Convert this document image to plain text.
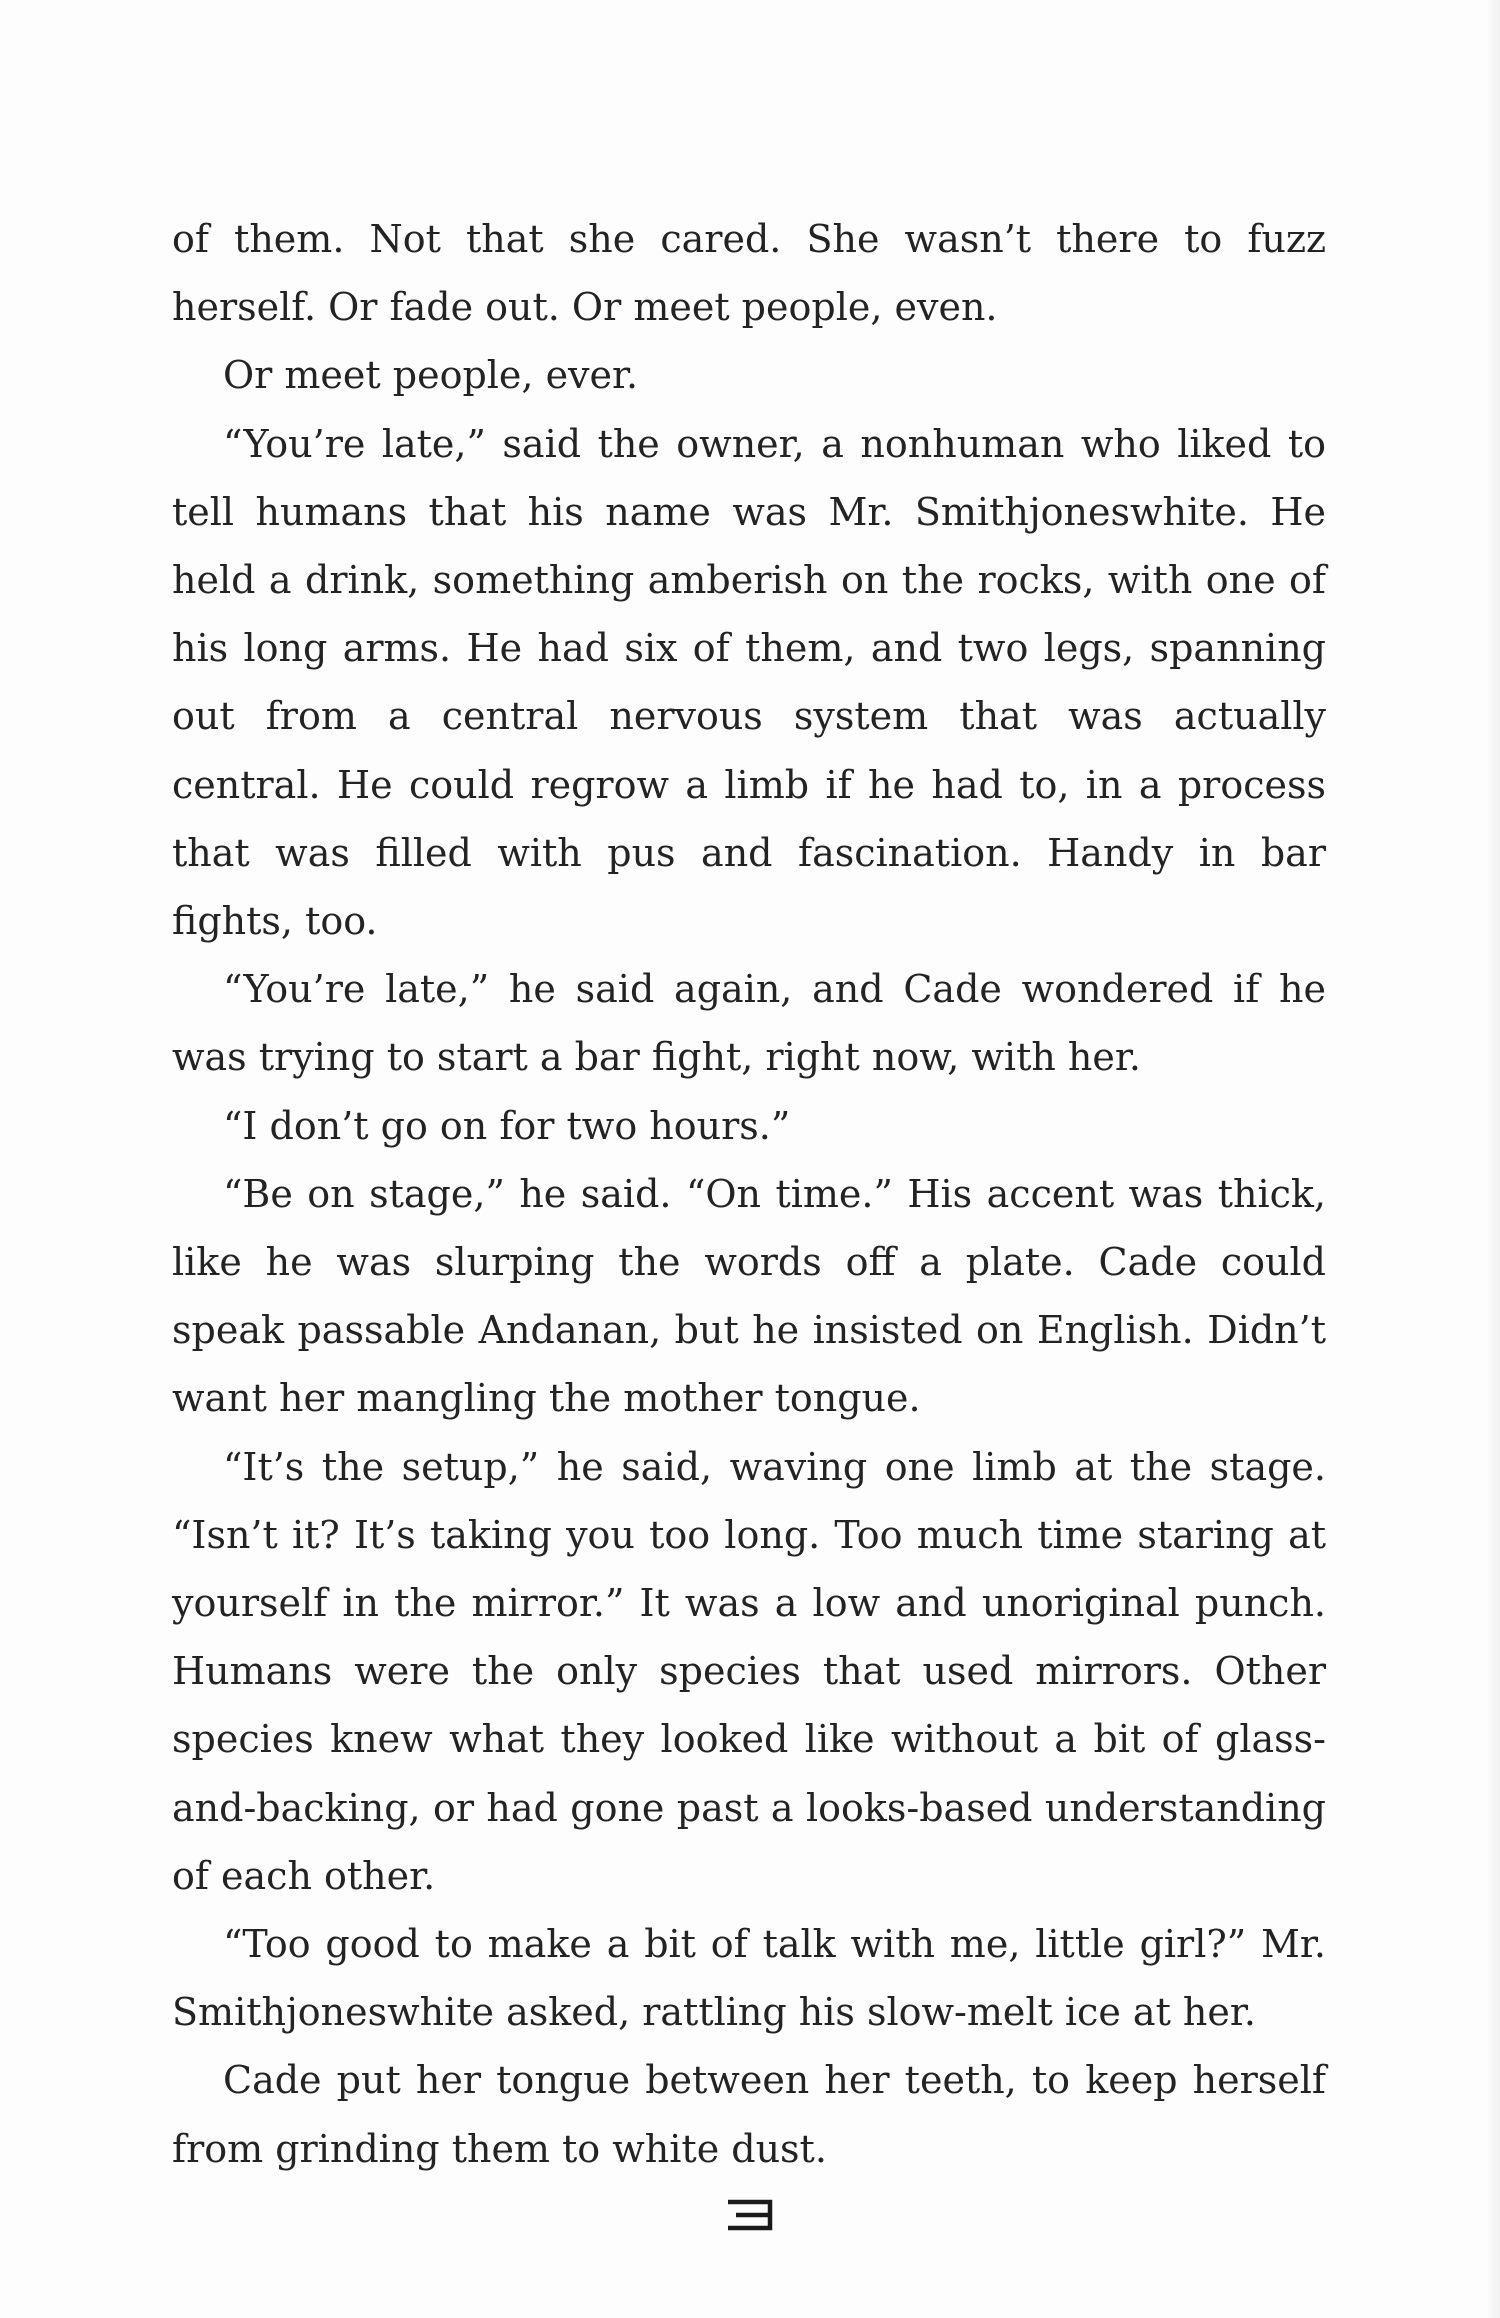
of them. Not that she cared. She wasn’t there to fuzz herself. Or fade out. Or meet people, even.

Or meet people, ever.

“You’re late,” said the owner, a nonhuman who liked to tell humans that his name was Mr. Smithjoneswhite. He held a drink, something amberish on the rocks, with one of his long arms. He had six of them, and two legs, spanning out from a central nervous system that was actually central. He could regrow a limb if he had to, in a process that was filled with pus and fascination. Handy in bar fights, too.

“You’re late,” he said again, and Cade wondered if he was trying to start a bar fight, right now, with her.

“I don’t go on for two hours.”

“Be on stage,” he said. “On time.” His accent was thick, like he was slurping the words off a plate. Cade could speak passable Andanan, but he insisted on English. Didn’t want her mangling the mother tongue.

“It’s the setup,” he said, waving one limb at the stage. “Isn’t it? It’s taking you too long. Too much time staring at yourself in the mirror.” It was a low and unoriginal punch. Humans were the only species that used mirrors. Other species knew what they looked like without a bit of glass-and-backing, or had gone past a looks-based understanding of each other.

“Too good to make a bit of talk with me, little girl?” Mr. Smithjoneswhite asked, rattling his slow-melt ice at her.

Cade put her tongue between her teeth, to keep herself from grinding them to white dust.
